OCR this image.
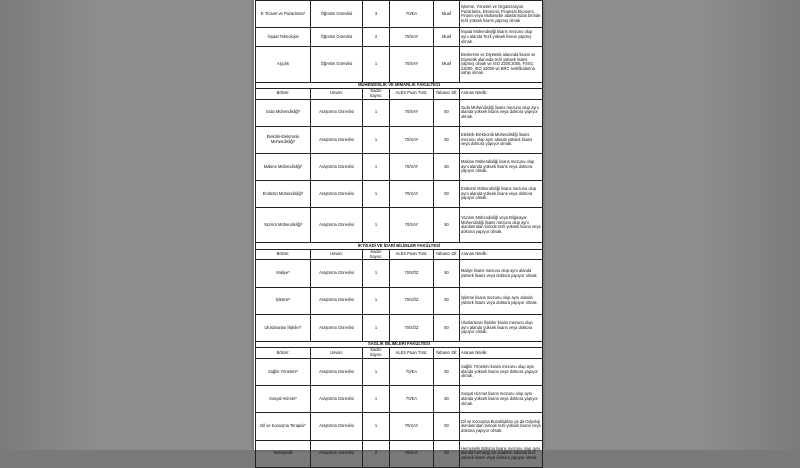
E-Ticaret ve Pazarlama*	Öğretim Görevlisi	3	70/EA	Muaf	İşletme, Yönetim ve Organizasyon, Pazarlama, Ekonomi, Finansal Ekonomi, Finans veya Muhasebe alanlarından birinde tezli yüksek lisans yapmış olmak
İnşaat Teknolojisi	Öğretim Görevlisi	2	70/SAY	Muaf	İnşaat Mühendisliği lisans mezunu olup aynı alanda Tezli yüksek lisans yapmış olmak.
Aşçılık	Öğretim Görevlisi	1	70/SAY	Muaf	Beslenme ve Diyetetik alanında lisans ve Diyetetik alanında tezli yüksek lisans yapmış olmak ve ISO 2200:2005, FSSC 22000, ISO 22000 ve BRC sertifikalarına sahip olmak.
MÜHENDİSLİK VE MİMARLIK FAKÜLTESİ					
Bölüm:	Unvan:	Kadro Sayısı:	ALES Puan Türü:	Yabancı Dil:	Aranan Nitelik:
Gıda Mühendisliği*	Araştırma Görevlisi	1	70/SAY	50	Gıda Mühendisliği lisans mezunu olup aynı alanda yüksek lisans veya doktora yapıyor olmak.
Elektrik-Elektronik Mühendisliği*	Araştırma Görevlisi	1	70/SAY	50	Elektrik-Elektronik Mühendisliği lisans mezunu olup aynı alanda yüksek lisans veya doktora yapıyor olmak.
Makine Mühendisliği*	Araştırma Görevlisi	1	70/SAY	50	Makine Mühendisliği lisans mezunu olup aynı alanda yüksek lisans veya doktora yapıyor olmak.
Endüstri Mühendisliği*	Araştırma Görevlisi	1	70/SAY	50	Endüstri Mühendisliği lisans mezunu olup aynı alanda yüksek lisans veya doktora yapıyor olmak.
Yazılım Mühendisliği*	Araştırma Görevlisi	1	70/SAY	50	Yazılım Mühendisliği veya Bilgisayar Mühendisliği lisans mezunu olup aynı alanlarından birinde tezli yüksek lisans veya doktora yapıyor olmak.
İKTİSADİ VE İDARİ BİLİMLER FAKÜLTESİ					
Bölüm:	Unvan:	Kadro Sayısı:	ALES Puan Türü:	Yabancı Dil:	Aranan Nitelik:
Maliye*	Araştırma Görevlisi	1	70/SÖZ	50	Maliye lisans mezunu olup aynı alanda yüksek lisans veya doktora yapıyor olmak.
İşletme*	Araştırma Görevlisi	1	70/SÖZ	50	İşletme lisans mezunu olup aynı alanda yüksek lisans veya doktora yapıyor olmak.
Uluslararası İlişkiler*	Araştırma Görevlisi	1	70/SÖZ	50	Uluslararası İlişkiler lisans mezunu olup aynı alanda yüksek lisans veya doktora yapıyor olmak.
SAĞLIK BİLİMLERİ FAKÜLTESİ					
Bölüm:	Unvan:	Kadro Sayısı:	ALES Puan Türü:	Yabancı Dil:	Aranan Nitelik:
Sağlık Yönetimi*	Araştırma Görevlisi	1	70/EA	50	Sağlık Yönetimi lisans mezunu olup aynı alanda yüksek lisans veya doktora yapıyor olmak.
Sosyal Hizmet*	Araştırma Görevlisi	1	70/EA	50	Sosyal Hizmet lisans mezunu olup aynı alanda yüksek lisans veya doktora yapıyor olmak.
Dil ve Konuşma Terapisi*	Araştırma Görevlisi	1	70/SAY	50	Dil ve Konuşma Bozuklukları ya da Odyoloji alanlarından birinde tezli yüksek lisans veya doktora yapıyor olmak.
Hemşirelik	Araştırma Görevlisi	2	70/SAY	50	Hemşirelik Bölümü lisans mezunu olup aynı alanda herhangi bir anabilim dalında tezli yüksek lisans veya doktora yapıyor olmak
